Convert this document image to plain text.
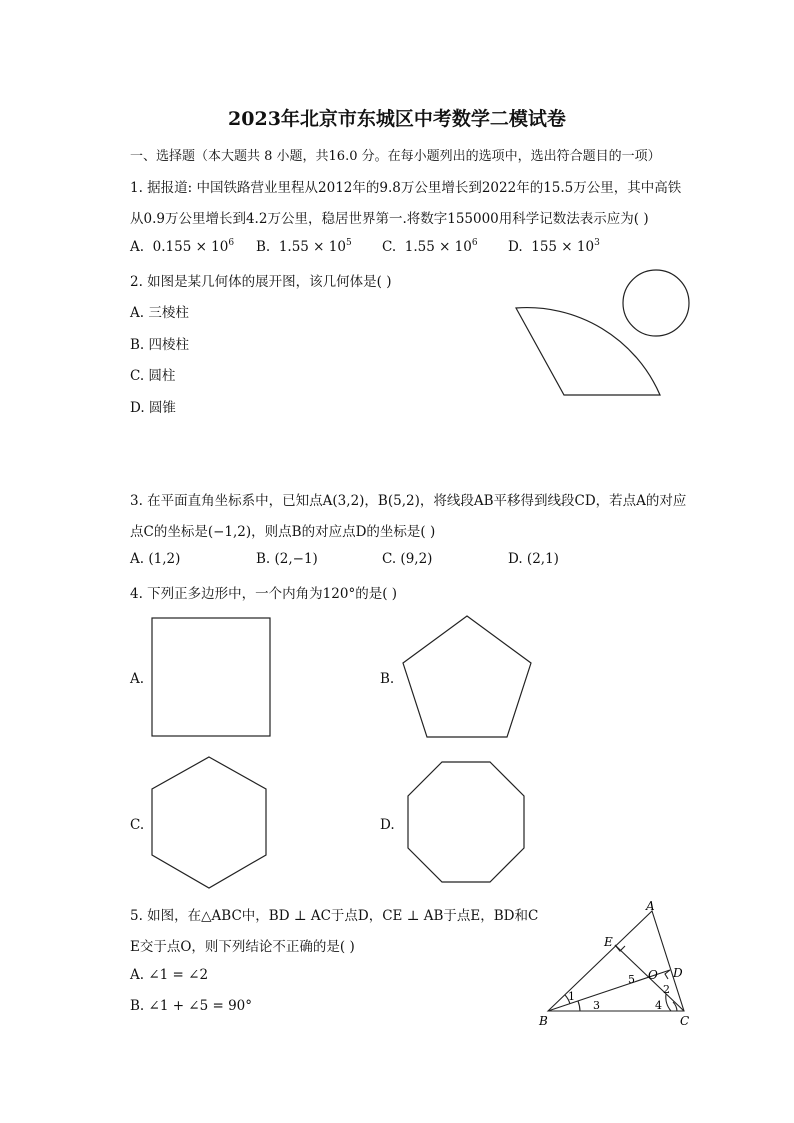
2023年北京市东城区中考数学二模试卷
一、选择题（本大题共 8 小题，共16.0 分。在每小题列出的选项中，选出符合题目的一项）
1. 据报道: 中国铁路营业里程从2012年的9.8万公里增长到2022年的15.5万公里，其中高铁
从0.9万公里增长到4.2万公里，稳居世界第一.将数字155000用科学记数法表示应为( )
A. $0.155 \times 10^6$ B. $1.55 \times 10^5$ C. $1.55 \times 10^6$ D. $155 \times 10^3$
2. 如图是某几何体的展开图，该几何体是( )
A. 三棱柱
B. 四棱柱
C. 圆柱
D. 圆锥
3. 在平面直角坐标系中，已知点A(3,2)，B(5,2)，将线段AB平移得到线段CD，若点A的对应
点C的坐标是(−1,2)，则点B的对应点D的坐标是( )
A. (1,2)	B. (2,−1)	C. (9,2)	D. (2,1)
4. 下列正多边形中，一个内角为120°的是( )
A.	B.
C.	D.
5. 如图，在△ABC中，BD ⊥ AC于点D，CE ⊥ AB于点E，BD和C
E交于点O，则下列结论不正确的是( )
A. ∠1 = ∠2
B. ∠1 + ∠5 = 90°
A
B	C
D
E
O
1
2
3	4
5
